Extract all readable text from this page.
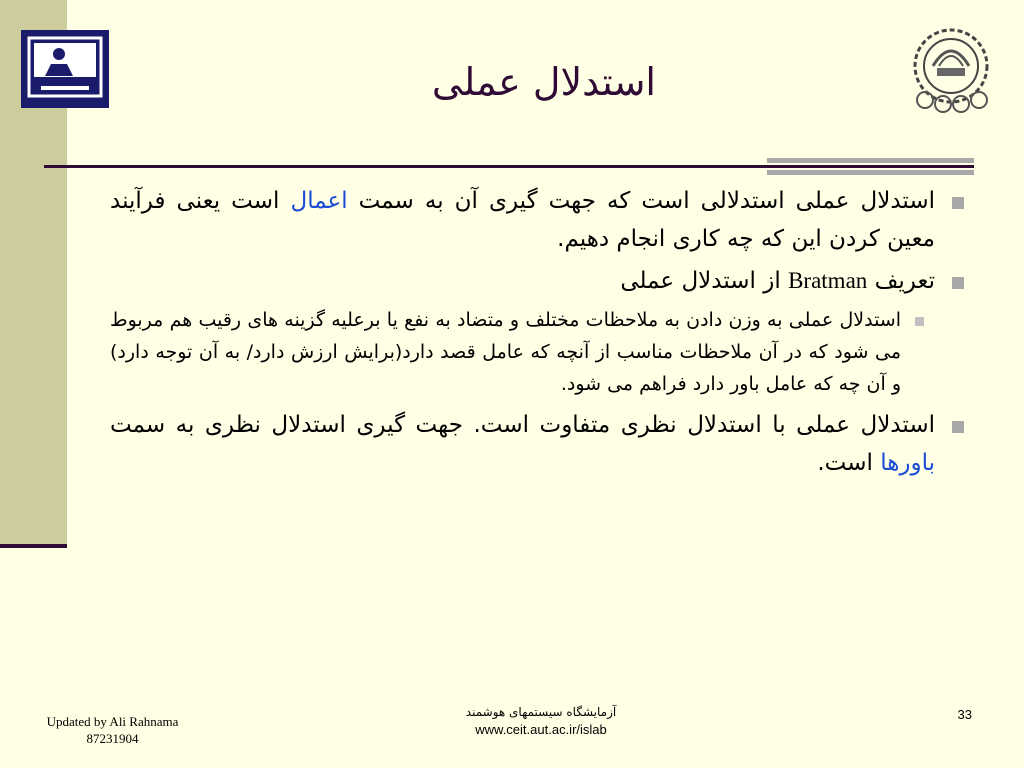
استدلال عملی
استدلال عملی استدلالی است که جهت گیری آن به سمت اعمال است یعنی فرآیند معین کردن این که چه کاری انجام دهیم.
تعریف Bratman از استدلال عملی
استدلال عملی به وزن دادن به ملاحظات مختلف و متضاد به نفع یا برعلیه گزینه های رقیب هم مربوط می شود که در آن ملاحظات مناسب از آنچه که عامل قصد دارد(برایش ارزش دارد/ به آن توجه دارد) و آن چه که عامل باور دارد فراهم می شود.
استدلال عملی با استدلال نظری متفاوت است. جهت گیری استدلال نظری به سمت باورها است.
Updated by Ali Rahnama
87231904
آزمایشگاه سیستمهای هوشمند
www.ceit.aut.ac.ir/islab
33
